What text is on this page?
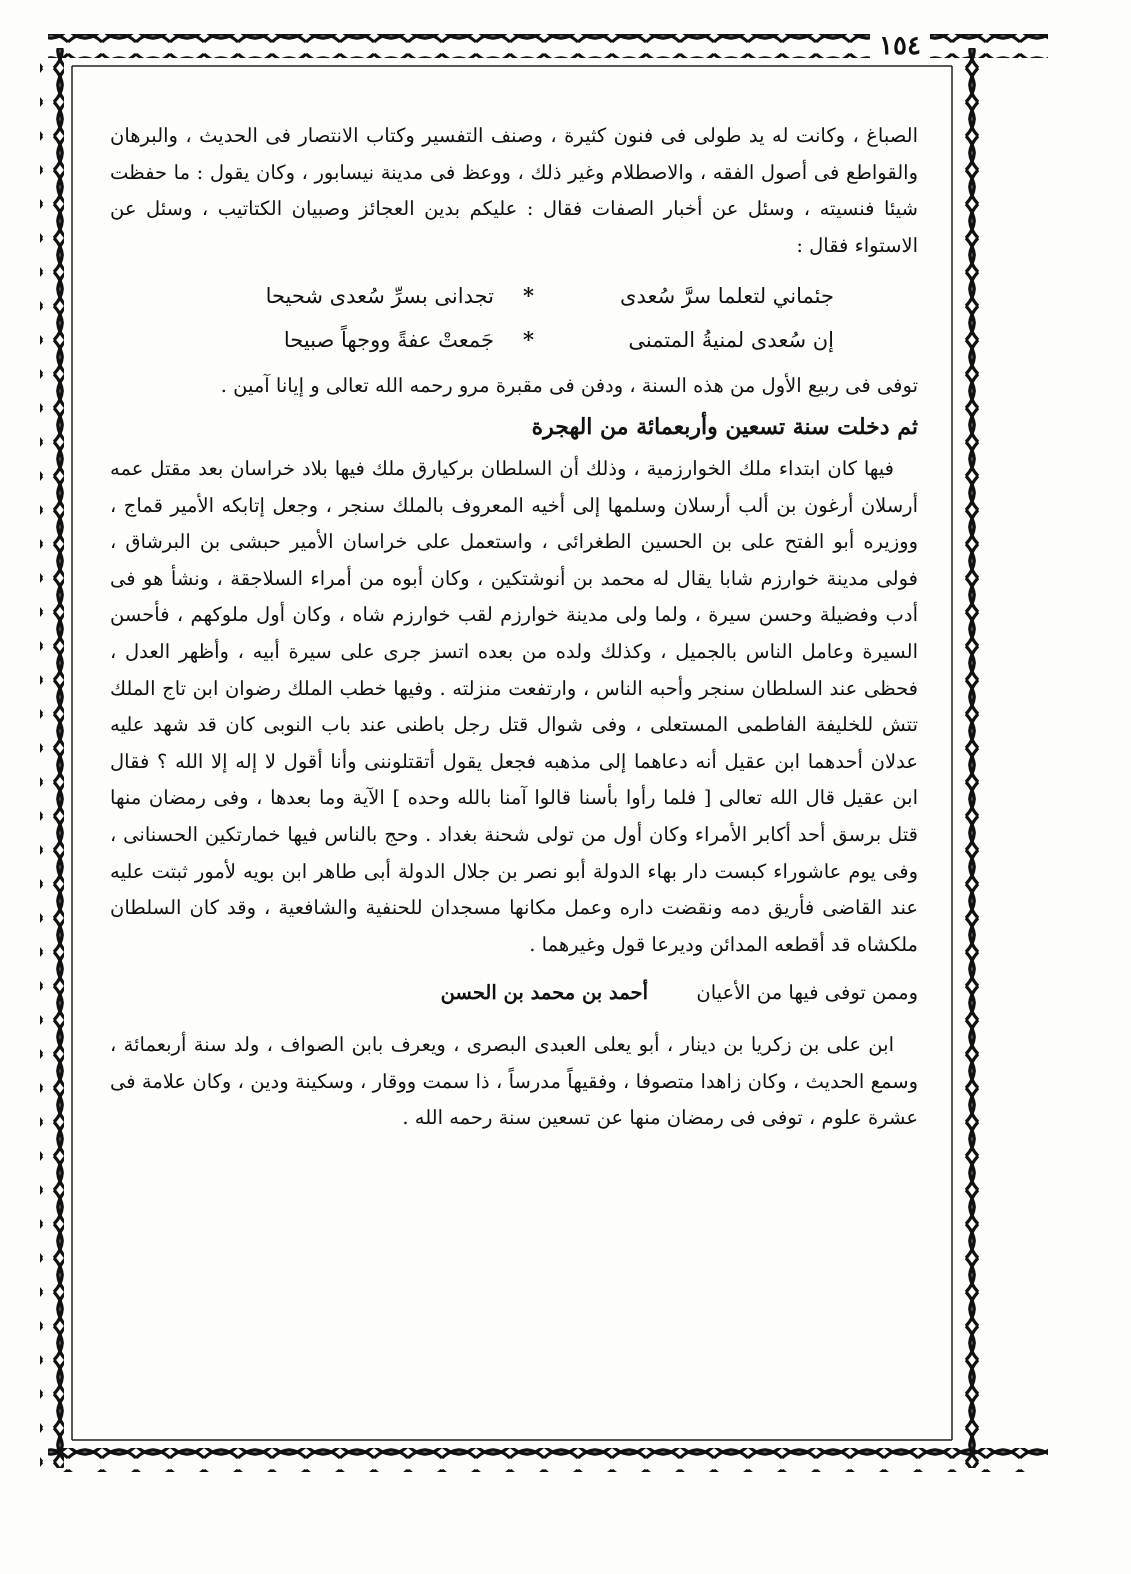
١٥٤

الصباغ ، وكانت له يد طولى فى فنون كثيرة ، وصنف التفسير وكتاب الانتصار فى الحديث ، والبرهان والقواطع فى أصول الفقه ، والاصطلام وغير ذلك ، ووعظ فى مدينة نيسابور ، وكان يقول : ما حفظت شيئا فنسيته ، وسئل عن أخبار الصفات فقال : عليكم بدين العجائز وصبيان الكتاتيب ، وسئل عن الاستواء فقال :

جئماني لتعلما سرَّ سُعدى
*
تجدانى بسرِّ سُعدى شحيحا
إن سُعدى لمنيةُ المتمنى
*
جَمعتْ عفةً ووجهاً صبيحا

توفى فى ربيع الأول من هذه السنة ، ودفن فى مقبرة مرو رحمه الله تعالى و إيانا آمين .

ثم دخلت سنة تسعين وأربعمائة من الهجرة

فيها كان ابتداء ملك الخوارزمية ، وذلك أن السلطان بركيارق ملك فيها بلاد خراسان بعد مقتل عمه أرسلان أرغون بن ألب أرسلان وسلمها إلى أخيه المعروف بالملك سنجر ، وجعل إتابكه الأمير قماج ، ووزيره أبو الفتح على بن الحسين الطغرائى ، واستعمل على خراسان الأمير حبشى بن البرشاق ، فولى مدينة خوارزم شابا يقال له محمد بن أنوشتكين ، وكان أبوه من أمراء السلاجقة ، ونشأ هو فى أدب وفضيلة وحسن سيرة ، ولما ولى مدينة خوارزم لقب خوارزم شاه ، وكان أول ملوكهم ، فأحسن السيرة وعامل الناس بالجميل ، وكذلك ولده من بعده اتسز جرى على سيرة أبيه ، وأظهر العدل ، فحظى عند السلطان سنجر وأحبه الناس ، وارتفعت منزلته . وفيها خطب الملك رضوان ابن تاج الملك تتش للخليفة الفاطمى المستعلى ، وفى شوال قتل رجل باطنى عند باب النوبى كان قد شهد عليه عدلان أحدهما ابن عقيل أنه دعاهما إلى مذهبه فجعل يقول أتقتلوننى وأنا أقول لا إله إلا الله ؟ فقال ابن عقيل قال الله تعالى [ فلما رأوا بأسنا قالوا آمنا بالله وحده ] الآية وما بعدها ، وفى رمضان منها قتل برسق أحد أكابر الأمراء وكان أول من تولى شحنة بغداد . وحج بالناس فيها خمارتكين الحسنانى ، وفى يوم عاشوراء كبست دار بهاء الدولة أبو نصر بن جلال الدولة أبى طاهر ابن بويه لأمور ثبتت عليه عند القاضى فأريق دمه ونقضت داره وعمل مكانها مسجدان للحنفية والشافعية ، وقد كان السلطان ملكشاه قد أقطعه المدائن وديرعا قول وغيرهما .

وممن توفى فيها من الأعيان
أحمد بن محمد بن الحسن

ابن على بن زكريا بن دينار ، أبو يعلى العبدى البصرى ، ويعرف بابن الصواف ، ولد سنة أربعمائة ، وسمع الحديث ، وكان زاهدا متصوفا ، وفقيهاً مدرساً ، ذا سمت ووقار ، وسكينة ودين ، وكان علامة فى عشرة علوم ، توفى فى رمضان منها عن تسعين سنة رحمه الله .
